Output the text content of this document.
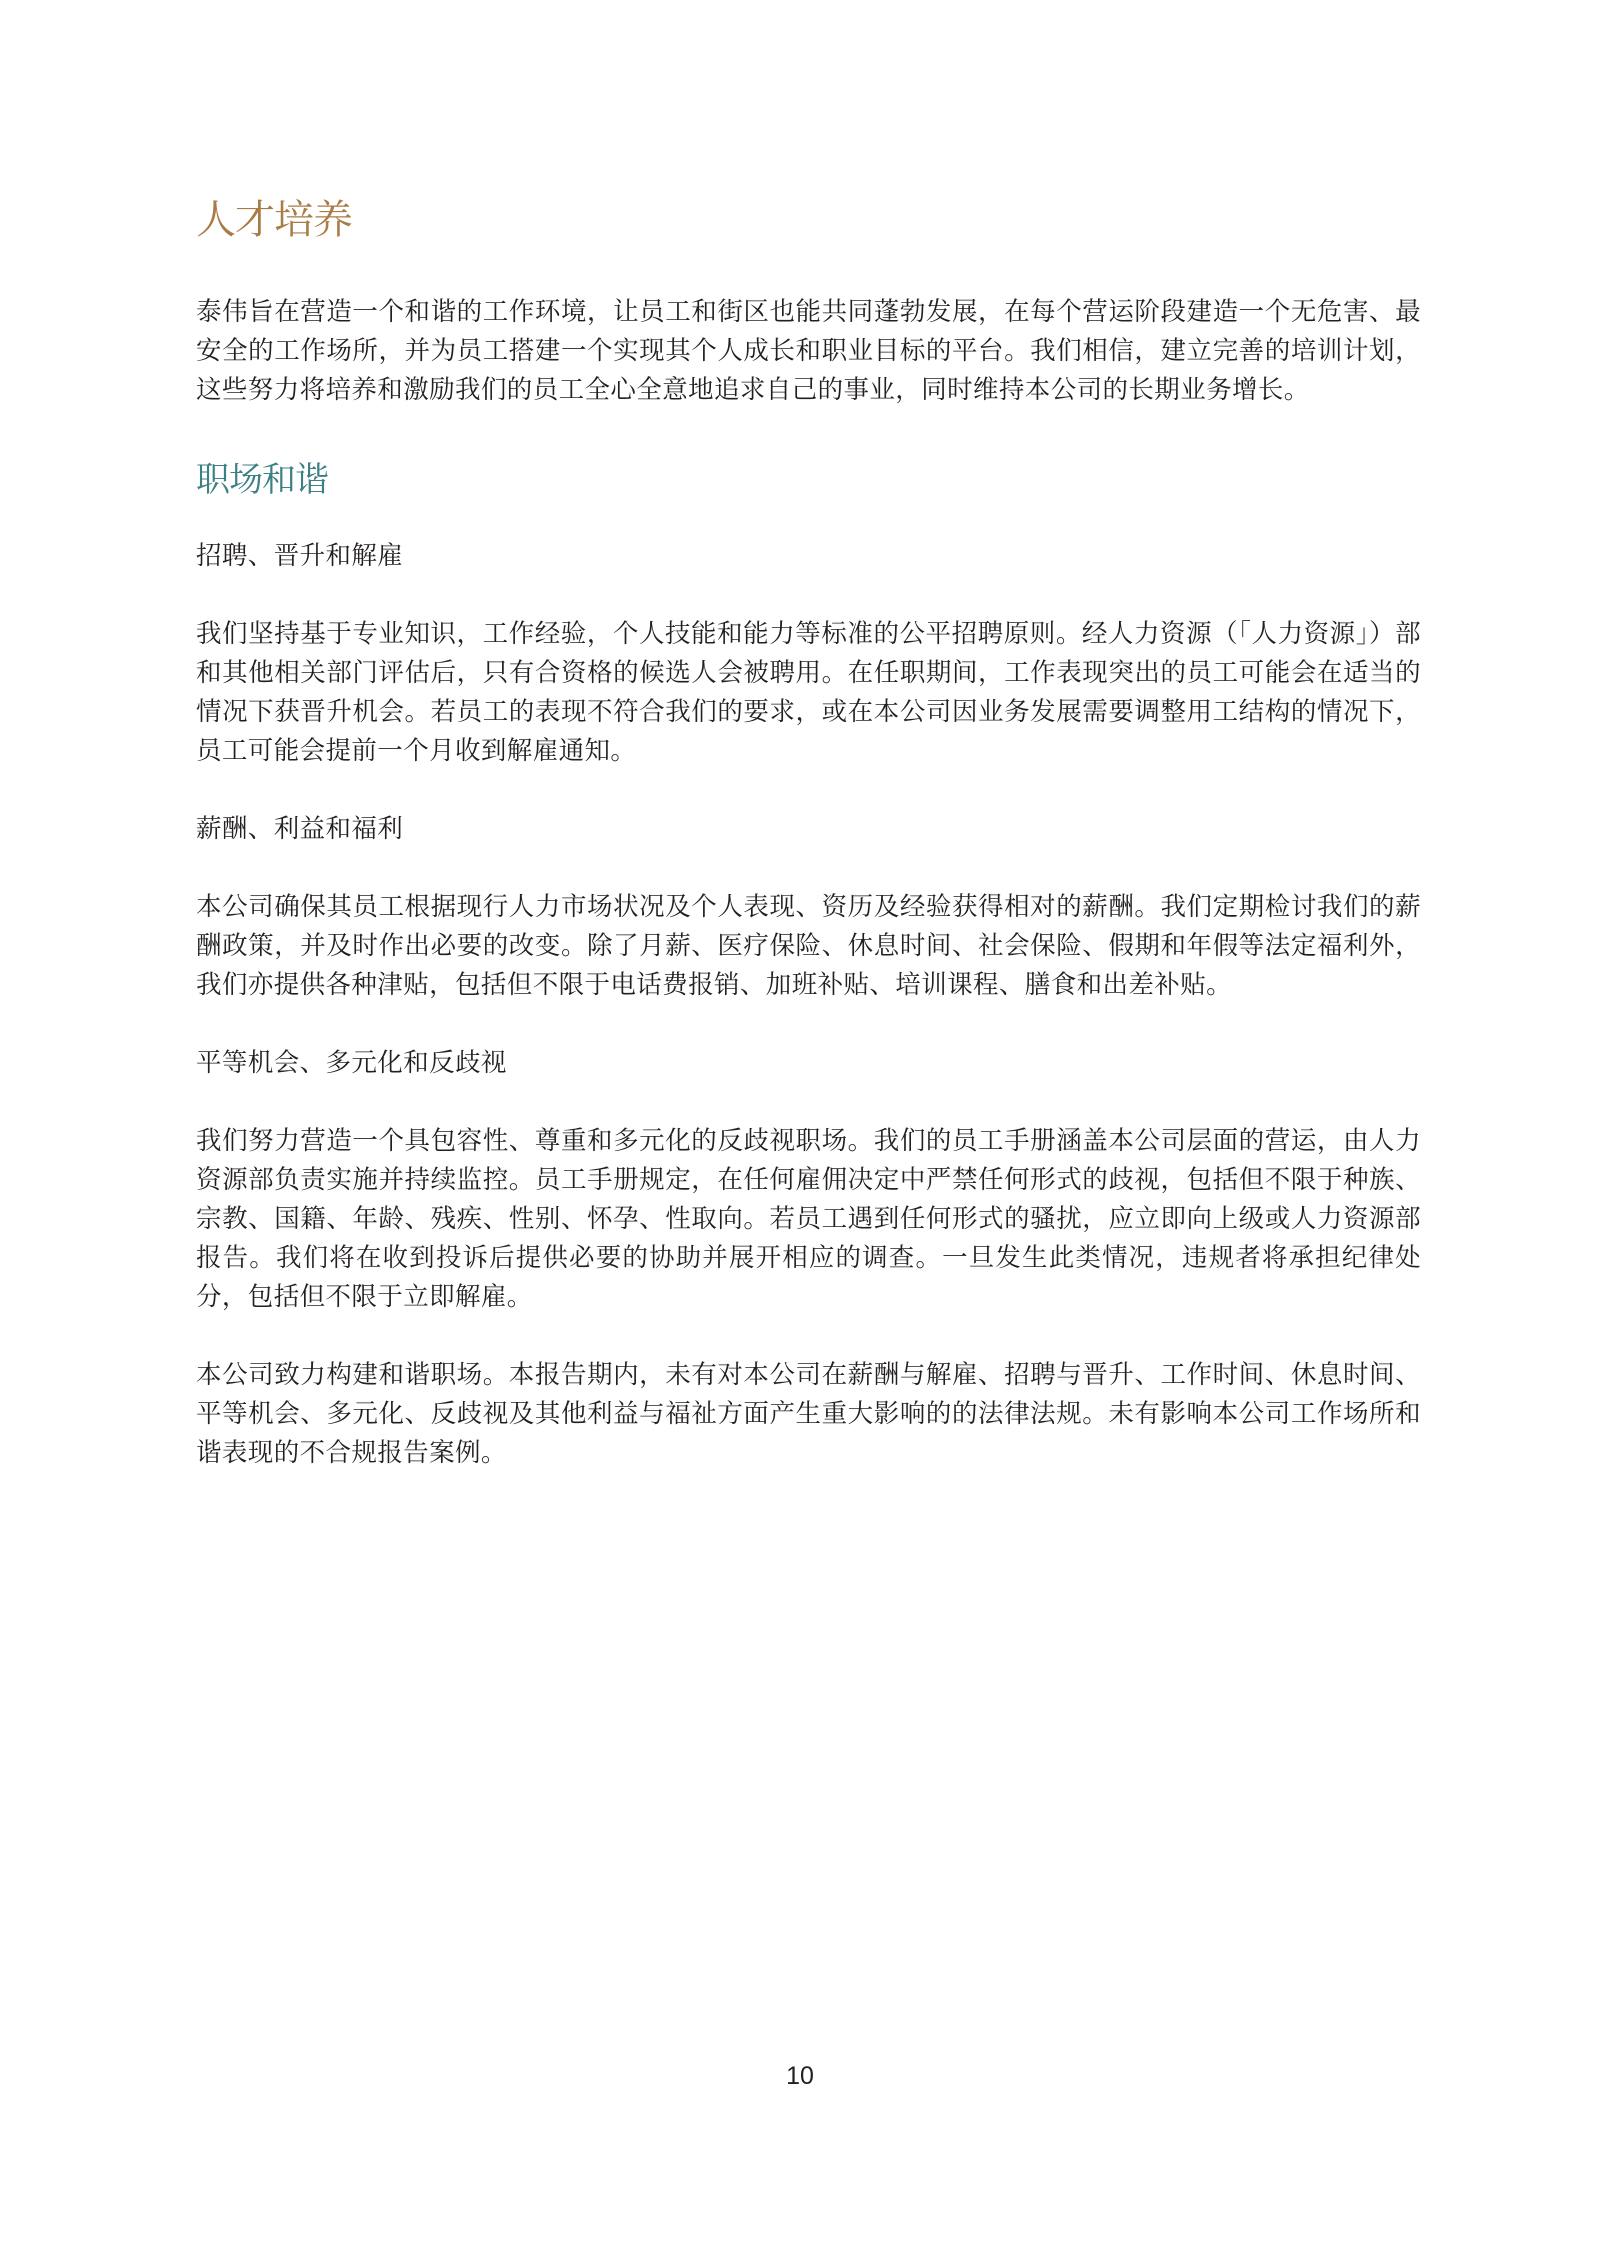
人才培养

泰伟旨在营造一个和谐的工作环境，让员工和街区也能共同蓬勃发展，在每个营运阶段建造一个无危害、最安全的工作场所，并为员工搭建一个实现其个人成长和职业目标的平台。我们相信，建立完善的培训计划，这些努力将培养和激励我们的员工全心全意地追求自己的事业，同时维持本公司的长期业务增长。

职场和谐

招聘、晋升和解雇

我们坚持基于专业知识，工作经验，个人技能和能力等标准的公平招聘原则。经人力资源（「人力资源」）部和其他相关部门评估后，只有合资格的候选人会被聘用。在任职期间，工作表现突出的员工可能会在适当的情况下获晋升机会。若员工的表现不符合我们的要求，或在本公司因业务发展需要调整用工结构的情况下，员工可能会提前一个月收到解雇通知。

薪酬、利益和福利

本公司确保其员工根据现行人力市场状况及个人表现、资历及经验获得相对的薪酬。我们定期检讨我们的薪酬政策，并及时作出必要的改变。除了月薪、医疗保险、休息时间、社会保险、假期和年假等法定福利外，我们亦提供各种津贴，包括但不限于电话费报销、加班补贴、培训课程、膳食和出差补贴。

平等机会、多元化和反歧视

我们努力营造一个具包容性、尊重和多元化的反歧视职场。我们的员工手册涵盖本公司层面的营运，由人力资源部负责实施并持续监控。员工手册规定，在任何雇佣决定中严禁任何形式的歧视，包括但不限于种族、宗教、国籍、年龄、残疾、性别、怀孕、性取向。若员工遇到任何形式的骚扰，应立即向上级或人力资源部报告。我们将在收到投诉后提供必要的协助并展开相应的调查。一旦发生此类情况，违规者将承担纪律处分，包括但不限于立即解雇。

本公司致力构建和谐职场。本报告期内，未有对本公司在薪酬与解雇、招聘与晋升、工作时间、休息时间、平等机会、多元化、反歧视及其他利益与福祉方面产生重大影响的的法律法规。未有影响本公司工作场所和谐表现的不合规报告案例。

10
